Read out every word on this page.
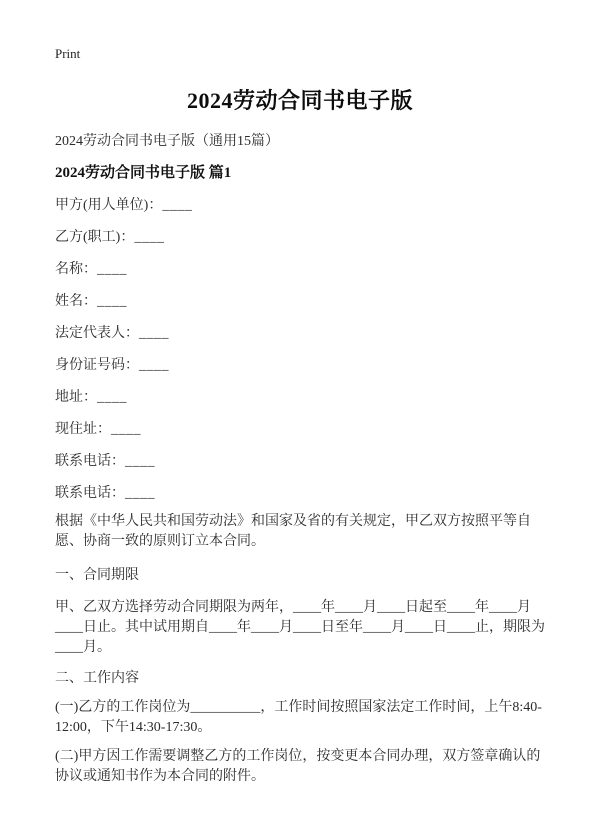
Print
2024劳动合同书电子版
2024劳动合同书电子版（通用15篇）
2024劳动合同书电子版 篇1
甲方(用人单位)：____
乙方(职工)：____
名称：____
姓名：____
法定代表人：____
身份证号码：____
地址：____
现住址：____
联系电话：____
联系电话：____

根据《中华人民共和国劳动法》和国家及省的有关规定，甲乙双方按照平等自愿、协商一致的原则订立本合同。

一、合同期限

甲、乙双方选择劳动合同期限为两年，____年____月____日起至____年____月____日止。其中试用期自____年____月____日至年____月____日____止，期限为____月。

二、工作内容

(一)乙方的工作岗位为__________，工作时间按照国家法定工作时间，上午8:40-12:00，下午14:30-17:30。

(二)甲方因工作需要调整乙方的工作岗位，按变更本合同办理，双方签章确认的协议或通知书作为本合同的附件。
